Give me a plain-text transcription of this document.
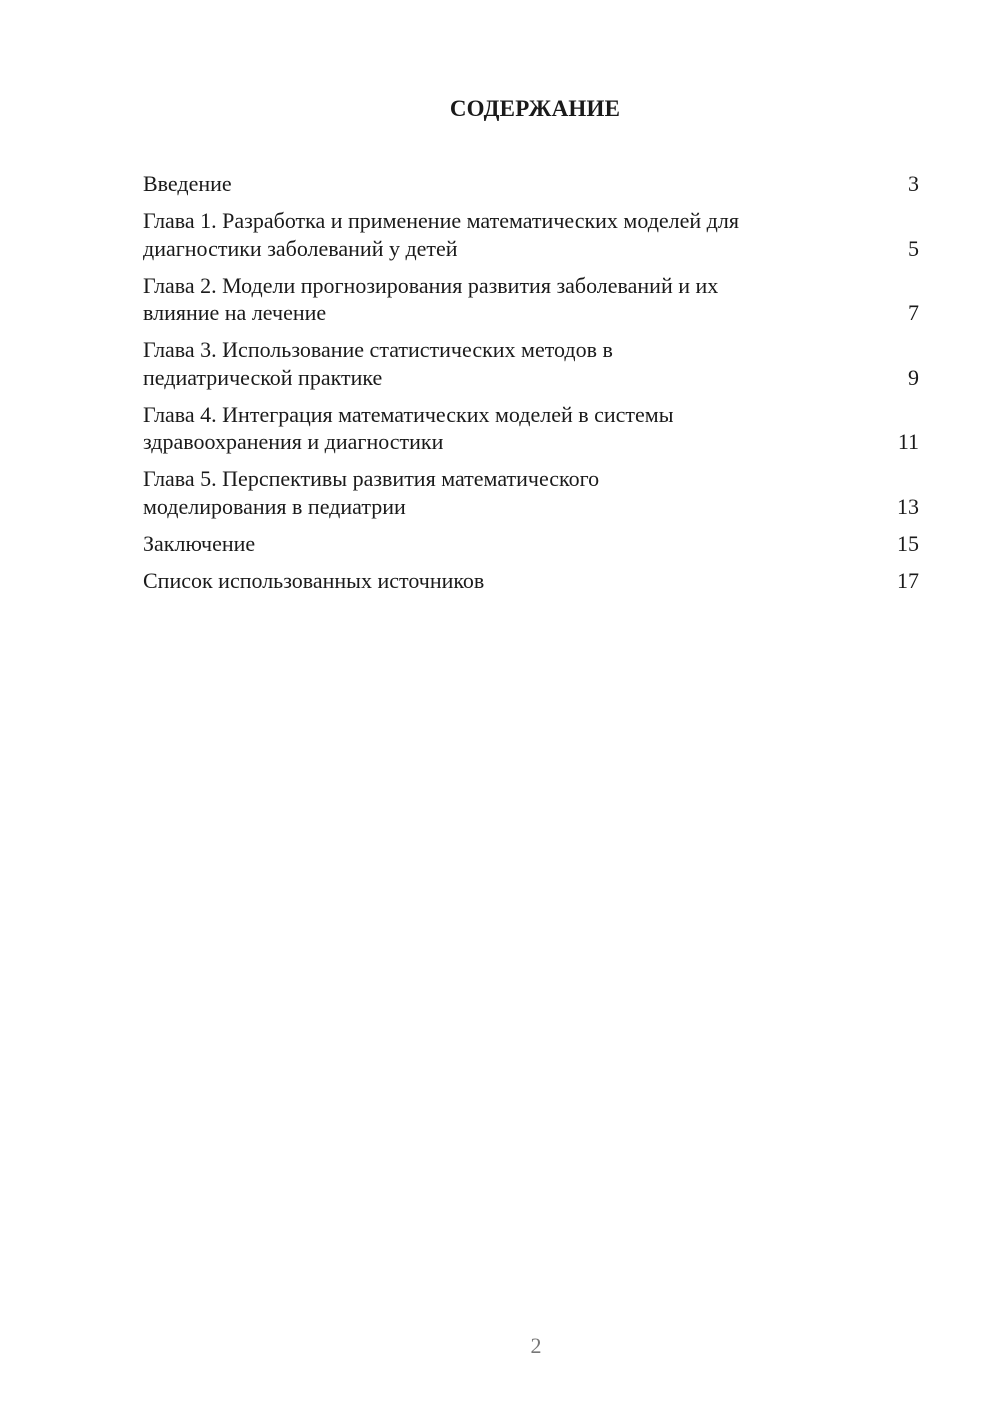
СОДЕРЖАНИЕ
Введение	3
Глава 1. Разработка и применение математических моделей для
диагностики заболеваний у детей	5
Глава 2. Модели прогнозирования развития заболеваний и их
влияние на лечение	7
Глава 3. Использование статистических методов в
педиатрической практике	9
Глава 4. Интеграция математических моделей в системы
здравоохранения и диагностики	11
Глава 5. Перспективы развития математического
моделирования в педиатрии	13
Заключение	15
Список использованных источников	17
2
